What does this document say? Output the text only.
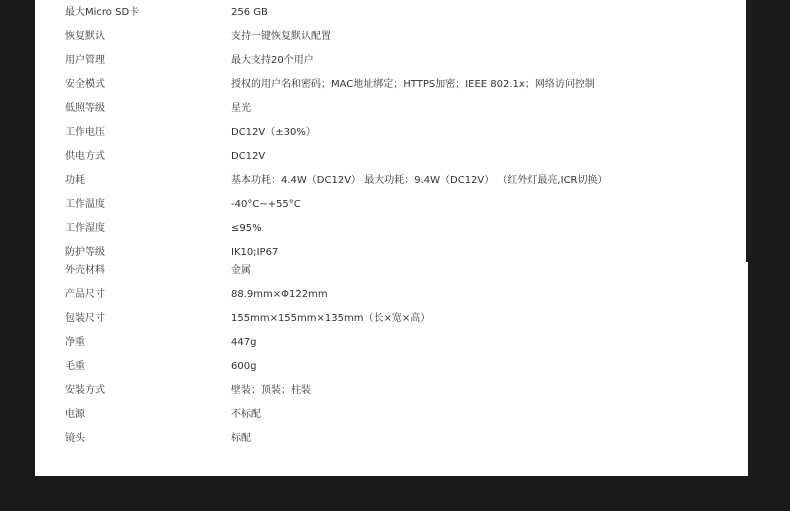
最大Micro SD卡	256 GB
恢复默认	支持一键恢复默认配置
用户管理	最大支持20个用户
安全模式	授权的用户名和密码；MAC地址绑定；HTTPS加密；IEEE 802.1x；网络访问控制
低照等级	星光
工作电压	DC12V（±30%）
供电方式	DC12V
功耗	基本功耗：4.4W（DC12V） 最大功耗：9.4W（DC12V） （红外灯最亮,ICR切换）
工作温度	-40°C~+55°C
工作湿度	≤95%
防护等级	IK10;IP67
外壳材料	金属
产品尺寸	88.9mm×Φ122mm
包装尺寸	155mm×155mm×135mm（长×宽×高）
净重	447g
毛重	600g
安装方式	壁装；顶装；柱装
电源	不标配
镜头	标配
